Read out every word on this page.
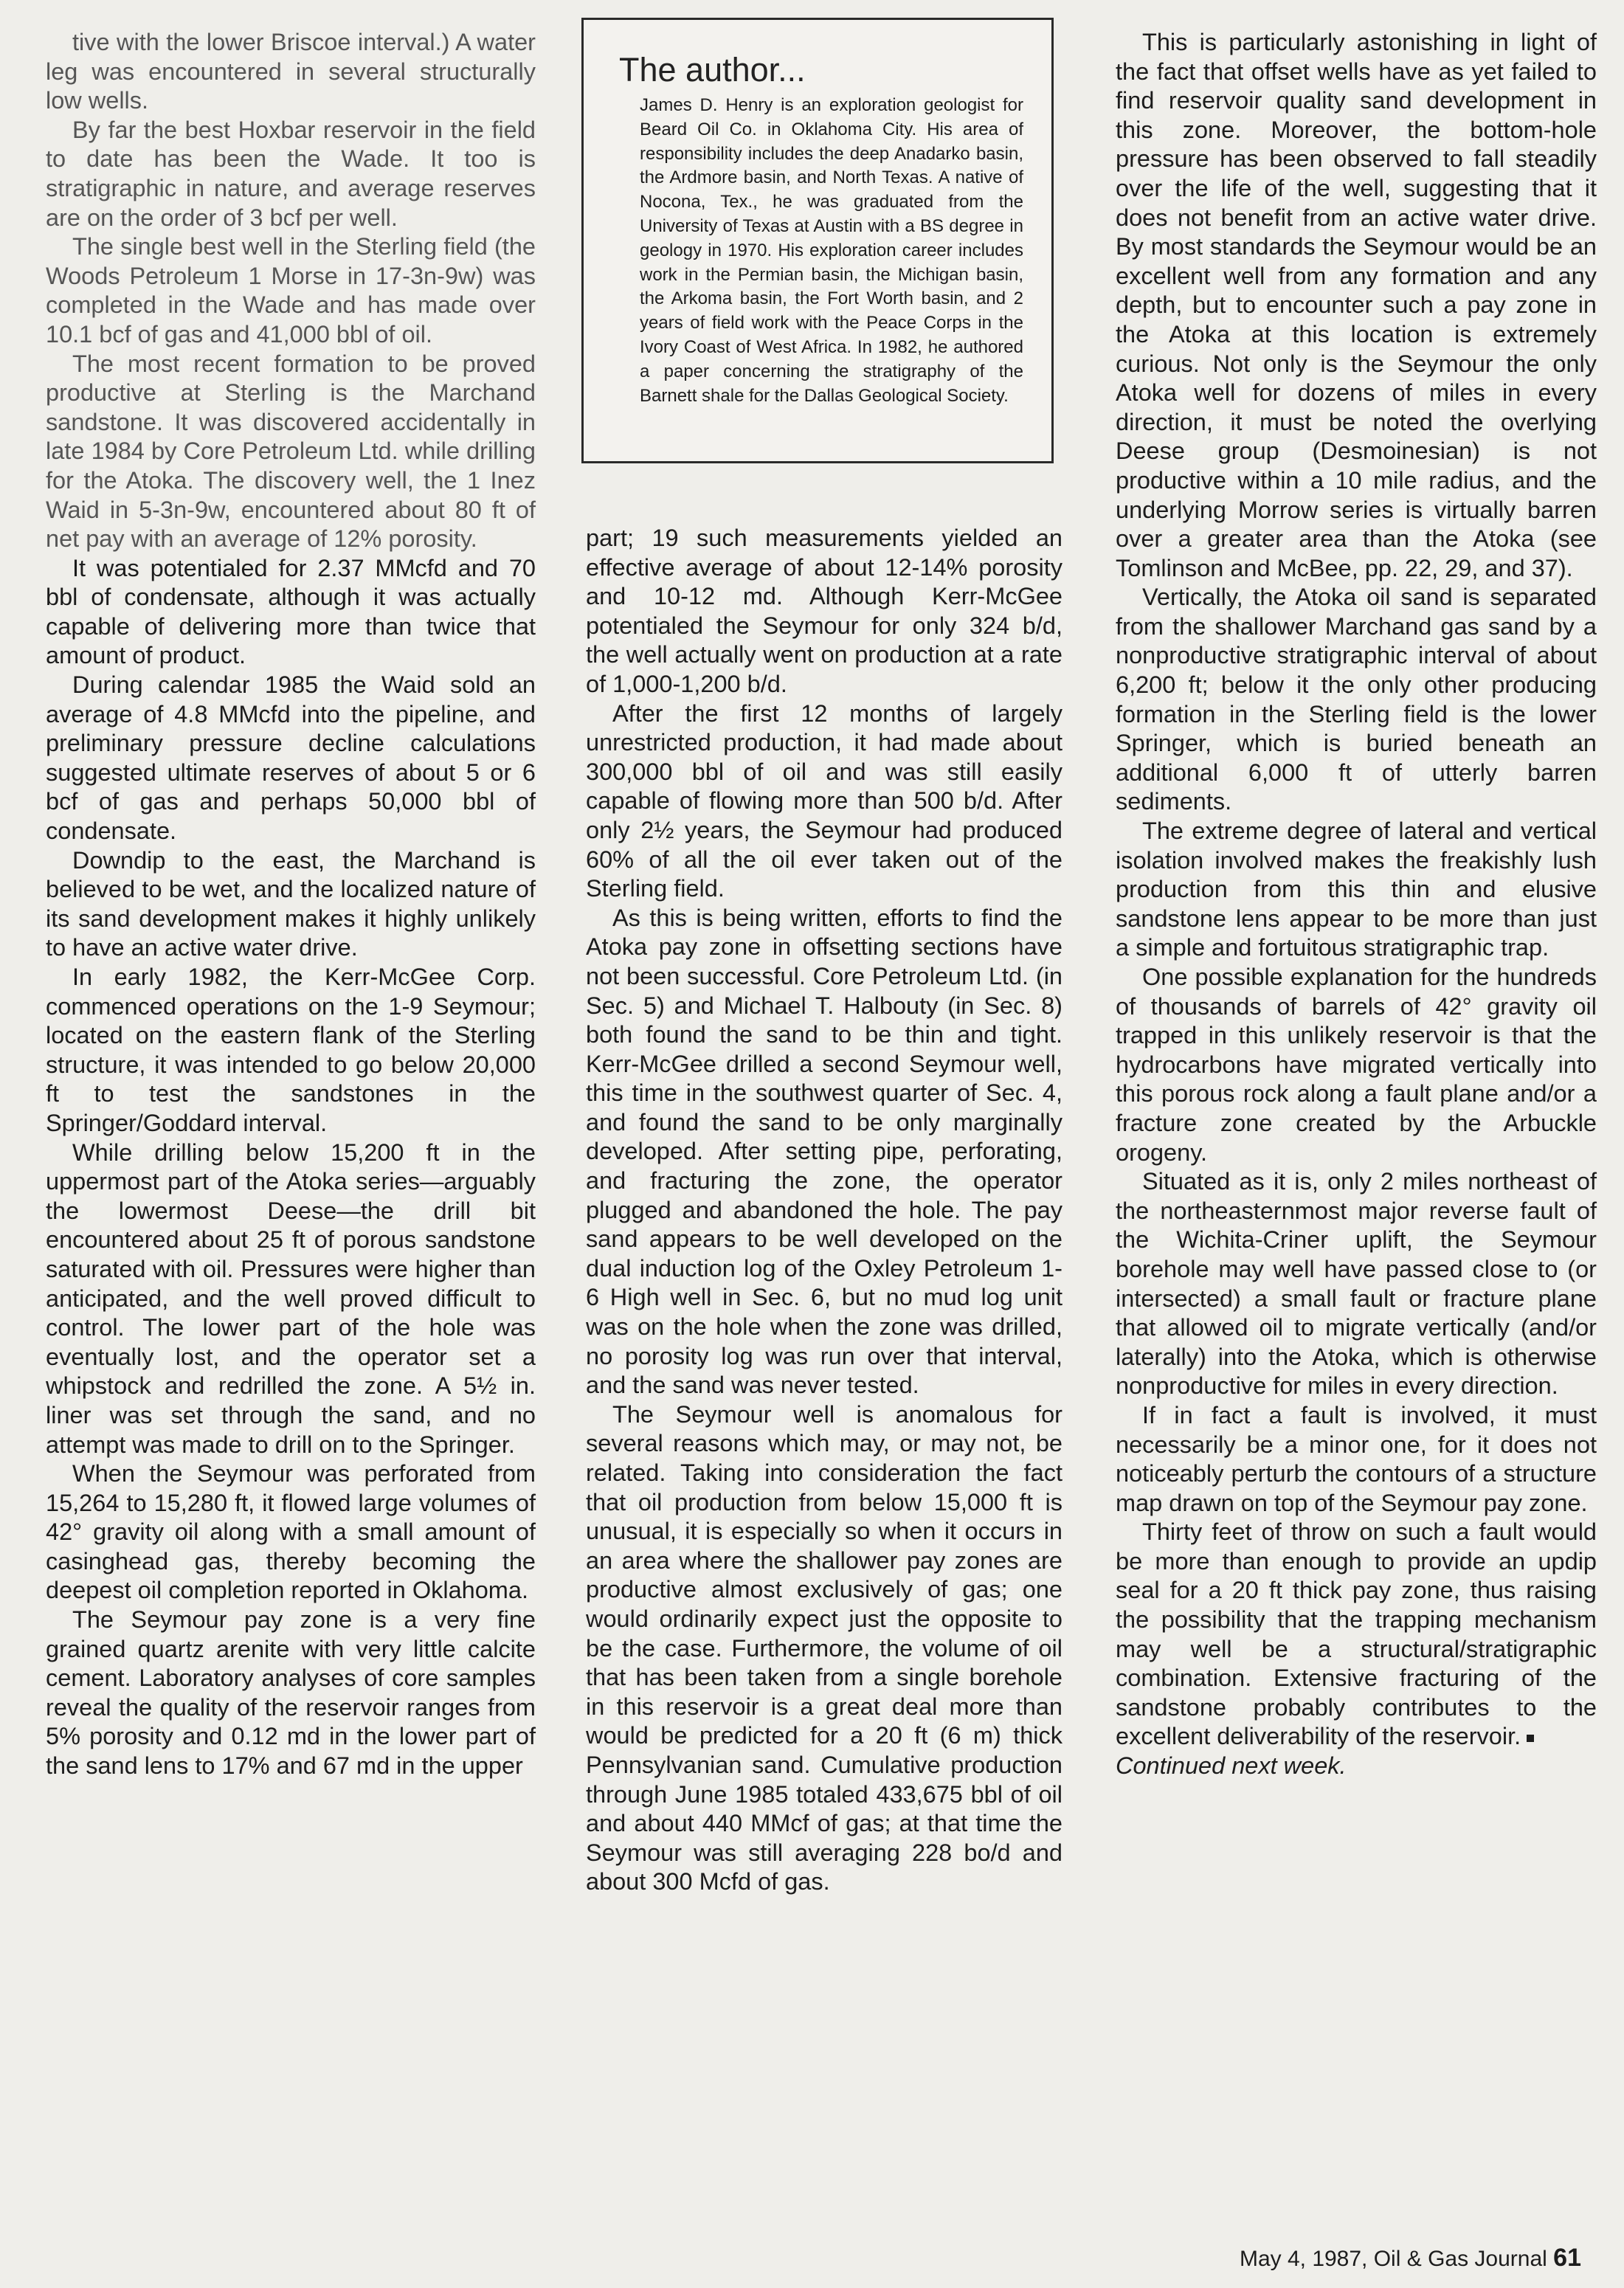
tive with the lower Briscoe interval.) A water leg was encountered in several structurally low wells.

By far the best Hoxbar reservoir in the field to date has been the Wade. It too is stratigraphic in nature, and average reserves are on the order of 3 bcf per well.

The single best well in the Sterling field (the Woods Petroleum 1 Morse in 17-3n-9w) was completed in the Wade and has made over 10.1 bcf of gas and 41,000 bbl of oil.

The most recent formation to be proved productive at Sterling is the Marchand sandstone. It was discovered accidentally in late 1984 by Core Petroleum Ltd. while drilling for the Atoka. The discovery well, the 1 Inez Waid in 5-3n-9w, encountered about 80 ft of net pay with an average of 12% porosity.

It was potentialed for 2.37 MMcfd and 70 bbl of condensate, although it was actually capable of delivering more than twice that amount of product.

During calendar 1985 the Waid sold an average of 4.8 MMcfd into the pipeline, and preliminary pressure decline calculations suggested ultimate reserves of about 5 or 6 bcf of gas and perhaps 50,000 bbl of condensate.

Downdip to the east, the Marchand is believed to be wet, and the localized nature of its sand development makes it highly unlikely to have an active water drive.

In early 1982, the Kerr-McGee Corp. commenced operations on the 1-9 Seymour; located on the eastern flank of the Sterling structure, it was intended to go below 20,000 ft to test the sandstones in the Springer/Goddard interval.

While drilling below 15,200 ft in the uppermost part of the Atoka series—arguably the lowermost Deese—the drill bit encountered about 25 ft of porous sandstone saturated with oil. Pressures were higher than anticipated, and the well proved difficult to control. The lower part of the hole was eventually lost, and the operator set a whipstock and redrilled the zone. A 5½ in. liner was set through the sand, and no attempt was made to drill on to the Springer.

When the Seymour was perforated from 15,264 to 15,280 ft, it flowed large volumes of 42° gravity oil along with a small amount of casinghead gas, thereby becoming the deepest oil completion reported in Oklahoma.

The Seymour pay zone is a very fine grained quartz arenite with very little calcite cement. Laboratory analyses of core samples reveal the quality of the reservoir ranges from 5% porosity and 0.12 md in the lower part of the sand lens to 17% and 67 md in the upper

The author...
James D. Henry is an exploration geologist for Beard Oil Co. in Oklahoma City. His area of responsibility includes the deep Anadarko basin, the Ardmore basin, and North Texas. A native of Nocona, Tex., he was graduated from the University of Texas at Austin with a BS degree in geology in 1970. His exploration career includes work in the Permian basin, the Michigan basin, the Arkoma basin, the Fort Worth basin, and 2 years of field work with the Peace Corps in the Ivory Coast of West Africa. In 1982, he authored a paper concerning the stratigraphy of the Barnett shale for the Dallas Geological Society.

part; 19 such measurements yielded an effective average of about 12-14% porosity and 10-12 md. Although Kerr-McGee potentialed the Seymour for only 324 b/d, the well actually went on production at a rate of 1,000-1,200 b/d.

After the first 12 months of largely unrestricted production, it had made about 300,000 bbl of oil and was still easily capable of flowing more than 500 b/d. After only 2½ years, the Seymour had produced 60% of all the oil ever taken out of the Sterling field.

As this is being written, efforts to find the Atoka pay zone in offsetting sections have not been successful. Core Petroleum Ltd. (in Sec. 5) and Michael T. Halbouty (in Sec. 8) both found the sand to be thin and tight. Kerr-McGee drilled a second Seymour well, this time in the southwest quarter of Sec. 4, and found the sand to be only marginally developed. After setting pipe, perforating, and fracturing the zone, the operator plugged and abandoned the hole. The pay sand appears to be well developed on the dual induction log of the Oxley Petroleum 1-6 High well in Sec. 6, but no mud log unit was on the hole when the zone was drilled, no porosity log was run over that interval, and the sand was never tested.

The Seymour well is anomalous for several reasons which may, or may not, be related. Taking into consideration the fact that oil production from below 15,000 ft is unusual, it is especially so when it occurs in an area where the shallower pay zones are productive almost exclusively of gas; one would ordinarily expect just the opposite to be the case. Furthermore, the volume of oil that has been taken from a single borehole in this reservoir is a great deal more than would be predicted for a 20 ft (6 m) thick Pennsylvanian sand. Cumulative production through June 1985 totaled 433,675 bbl of oil and about 440 MMcf of gas; at that time the Seymour was still averaging 228 bo/d and about 300 Mcfd of gas.

This is particularly astonishing in light of the fact that offset wells have as yet failed to find reservoir quality sand development in this zone. Moreover, the bottom-hole pressure has been observed to fall steadily over the life of the well, suggesting that it does not benefit from an active water drive. By most standards the Seymour would be an excellent well from any formation and any depth, but to encounter such a pay zone in the Atoka at this location is extremely curious. Not only is the Seymour the only Atoka well for dozens of miles in every direction, it must be noted the overlying Deese group (Desmoinesian) is not productive within a 10 mile radius, and the underlying Morrow series is virtually barren over a greater area than the Atoka (see Tomlinson and McBee, pp. 22, 29, and 37).

Vertically, the Atoka oil sand is separated from the shallower Marchand gas sand by a nonproductive stratigraphic interval of about 6,200 ft; below it the only other producing formation in the Sterling field is the lower Springer, which is buried beneath an additional 6,000 ft of utterly barren sediments.

The extreme degree of lateral and vertical isolation involved makes the freakishly lush production from this thin and elusive sandstone lens appear to be more than just a simple and fortuitous stratigraphic trap.

One possible explanation for the hundreds of thousands of barrels of 42° gravity oil trapped in this unlikely reservoir is that the hydrocarbons have migrated vertically into this porous rock along a fault plane and/or a fracture zone created by the Arbuckle orogeny.

Situated as it is, only 2 miles northeast of the northeasternmost major reverse fault of the Wichita-Criner uplift, the Seymour borehole may well have passed close to (or intersected) a small fault or fracture plane that allowed oil to migrate vertically (and/or laterally) into the Atoka, which is otherwise nonproductive for miles in every direction.

If in fact a fault is involved, it must necessarily be a minor one, for it does not noticeably perturb the contours of a structure map drawn on top of the Seymour pay zone.

Thirty feet of throw on such a fault would be more than enough to provide an updip seal for a 20 ft thick pay zone, thus raising the possibility that the trapping mechanism may well be a structural/stratigraphic combination. Extensive fracturing of the sandstone probably contributes to the excellent deliverability of the reservoir.

Continued next week.

May 4, 1987, Oil & Gas Journal 61
